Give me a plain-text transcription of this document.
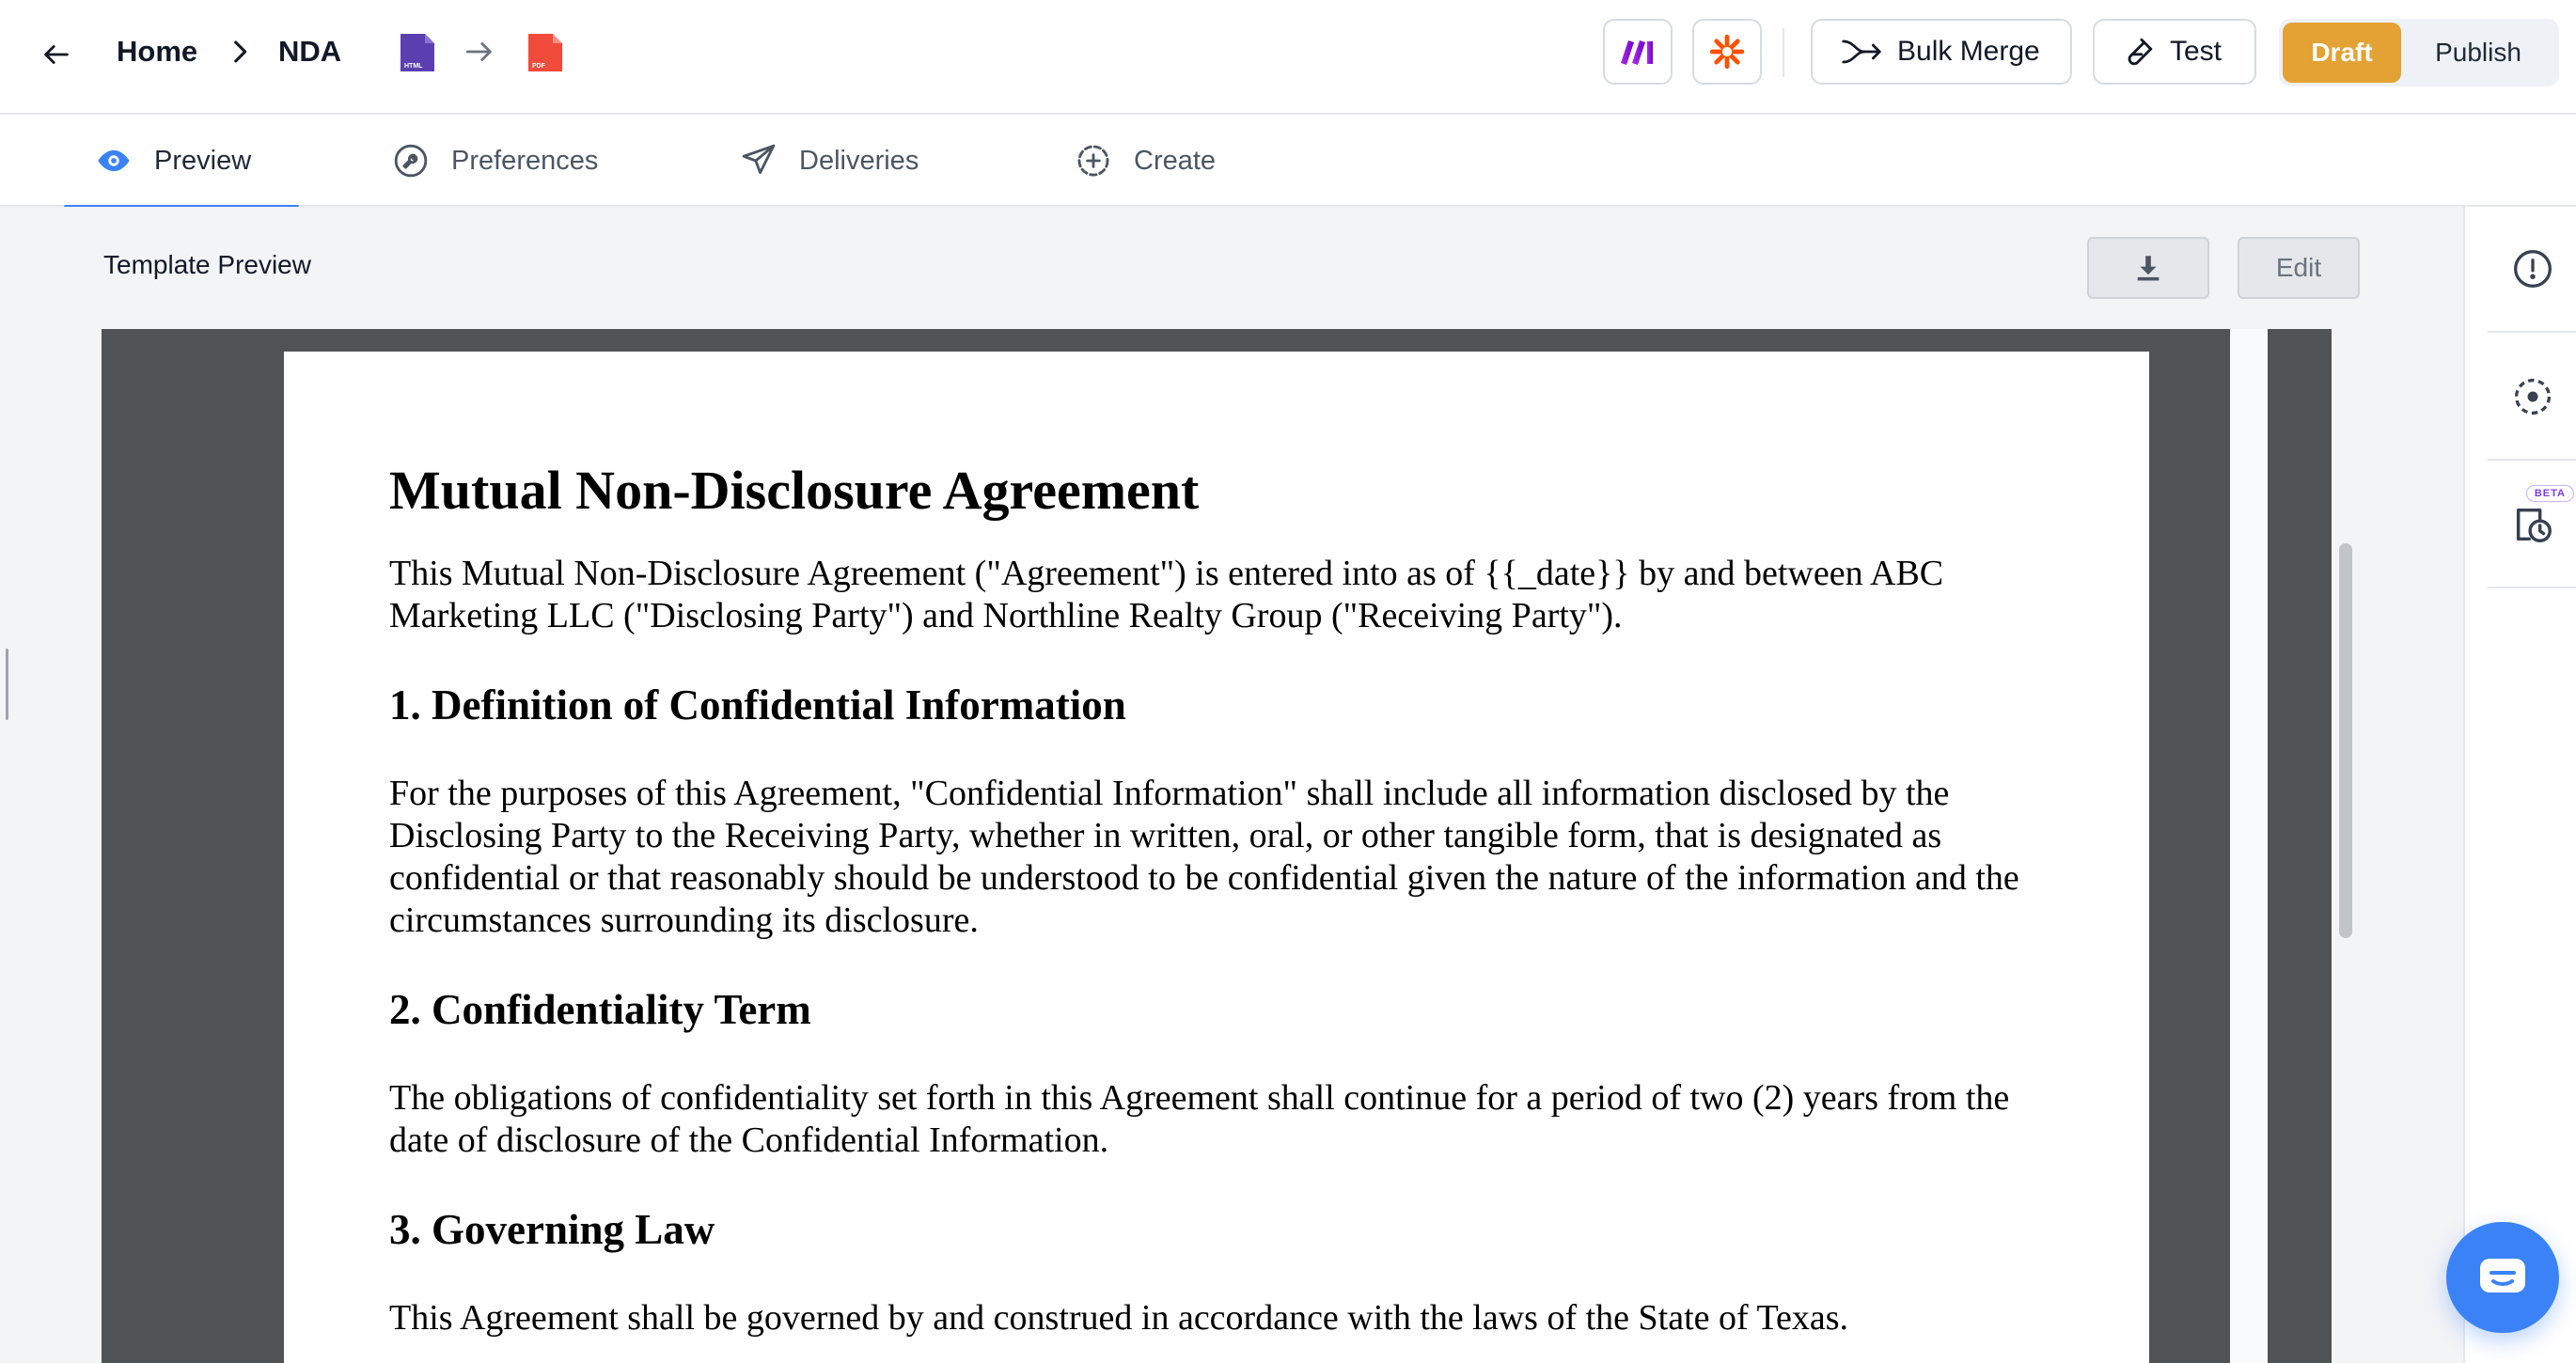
Home	NDA	HTML	PDF	Bulk Merge	Test	Draft	Publish
Preview	Preferences	Deliveries	Create
Template Preview	Edit
Mutual Non-Disclosure Agreement

This Mutual Non-Disclosure Agreement ("Agreement") is entered into as of {{_date}} by and between ABC Marketing LLC ("Disclosing Party") and Northline Realty Group ("Receiving Party").

1. Definition of Confidential Information

For the purposes of this Agreement, "Confidential Information" shall include all information disclosed by the Disclosing Party to the Receiving Party, whether in written, oral, or other tangible form, that is designated as confidential or that reasonably should be understood to be confidential given the nature of the information and the circumstances surrounding its disclosure.

2. Confidentiality Term

The obligations of confidentiality set forth in this Agreement shall continue for a period of two (2) years from the date of disclosure of the Confidential Information.

3. Governing Law

This Agreement shall be governed by and construed in accordance with the laws of the State of Texas.

BETA
